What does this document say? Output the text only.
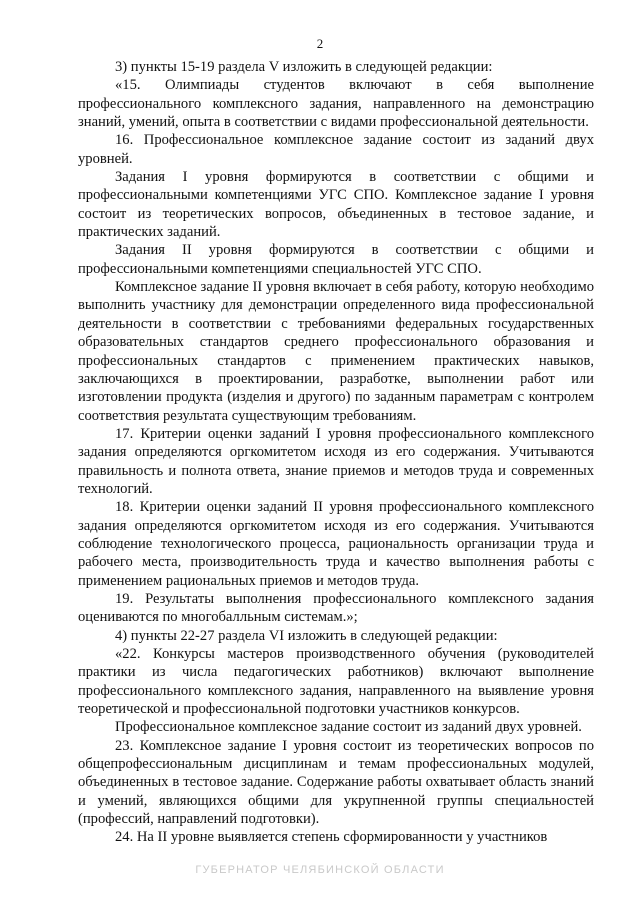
2

3) пункты 15-19 раздела V изложить в следующей редакции:

«15. Олимпиады студентов включают в себя выполнение профессионального комплексного задания, направленного на демонстрацию знаний, умений, опыта в соответствии с видами профессиональной деятельности.

16. Профессиональное комплексное задание состоит из заданий двух уровней.

Задания I уровня формируются в соответствии с общими и профессиональными компетенциями УГС СПО. Комплексное задание I уровня состоит из теоретических вопросов, объединенных в тестовое задание, и практических заданий.

Задания II уровня формируются в соответствии с общими и профессиональными компетенциями специальностей УГС СПО.

Комплексное задание II уровня включает в себя работу, которую необходимо выполнить участнику для демонстрации определенного вида профессиональной деятельности в соответствии с требованиями федеральных государственных образовательных стандартов среднего профессионального образования и профессиональных стандартов с применением практических навыков, заключающихся в проектировании, разработке, выполнении работ или изготовлении продукта (изделия и другого) по заданным параметрам с контролем соответствия результата существующим требованиям.

17. Критерии оценки заданий I уровня профессионального комплексного задания определяются оргкомитетом исходя из его содержания. Учитываются правильность и полнота ответа, знание приемов и методов труда и современных технологий.

18. Критерии оценки заданий II уровня профессионального комплексного задания определяются оргкомитетом исходя из его содержания. Учитываются соблюдение технологического процесса, рациональность организации труда и рабочего места, производительность труда и качество выполнения работы с применением рациональных приемов и методов труда.

19. Результаты выполнения профессионального комплексного задания оцениваются по многобалльным системам.»;

4) пункты 22-27 раздела VI изложить в следующей редакции:

«22. Конкурсы мастеров производственного обучения (руководителей практики из числа педагогических работников) включают выполнение профессионального комплексного задания, направленного на выявление уровня теоретической и профессиональной подготовки участников конкурсов.

Профессиональное комплексное задание состоит из заданий двух уровней.

23. Комплексное задание I уровня состоит из теоретических вопросов по общепрофессиональным дисциплинам и темам профессиональных модулей, объединенных в тестовое задание. Содержание работы охватывает область знаний и умений, являющихся общими для укрупненной группы специальностей (профессий, направлений подготовки).

24. На II уровне выявляется степень сформированности у участников

ГУБЕРНАТОР ЧЕЛЯБИНСКОЙ ОБЛАСТИ
